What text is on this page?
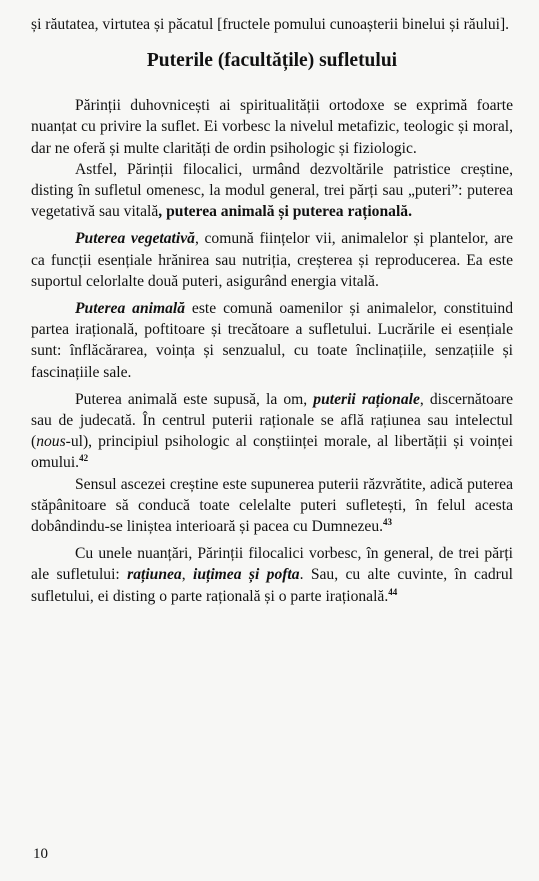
și răutatea, virtutea și păcatul [fructele pomului cunoașterii binelui și răului].

Puterile (facultățile) sufletului

Părinții duhovnicești ai spiritualității ortodoxe se exprimă foarte nuanțat cu privire la suflet. Ei vorbesc la nivelul metafizic, teologic și moral, dar ne oferă și multe clarități de ordin psihologic și fiziologic.

Astfel, Părinții filocalici, urmând dezvoltările patristice creștine, disting în sufletul omenesc, la modul general, trei părți sau „puteri”: puterea vegetativă sau vitală, puterea animală și puterea rațională.

Puterea vegetativă, comună ființelor vii, animalelor și plantelor, are ca funcții esențiale hrănirea sau nutriția, creșterea și reproducerea. Ea este suportul celorlalte două puteri, asigurând energia vitală.

Puterea animală este comună oamenilor și animalelor, constituind partea irațională, poftitoare și trecătoare a sufletului. Lucrările ei esențiale sunt: înflăcărarea, voința și senzualul, cu toate înclinațiile, senzațiile și fascinațiile sale.

Puterea animală este supusă, la om, puterii raționale, discernătoare sau de judecată. În centrul puterii raționale se află rațiunea sau intelectul (nous-ul), principiul psihologic al conștiinței morale, al libertății și voinței omului.$^{42}$

Sensul ascezei creștine este supunerea puterii răzvrătite, adică puterea stăpânitoare să conducă toate celelalte puteri sufletești, în felul acesta dobândindu-se liniștea interioară și pacea cu Dumnezeu.$^{43}$

Cu unele nuanțări, Părinții filocalici vorbesc, în general, de trei părți ale sufletului: rațiunea, iuțimea și pofta. Sau, cu alte cuvinte, în cadrul sufletului, ei disting o parte rațională și o parte irațională.$^{44}$

10
